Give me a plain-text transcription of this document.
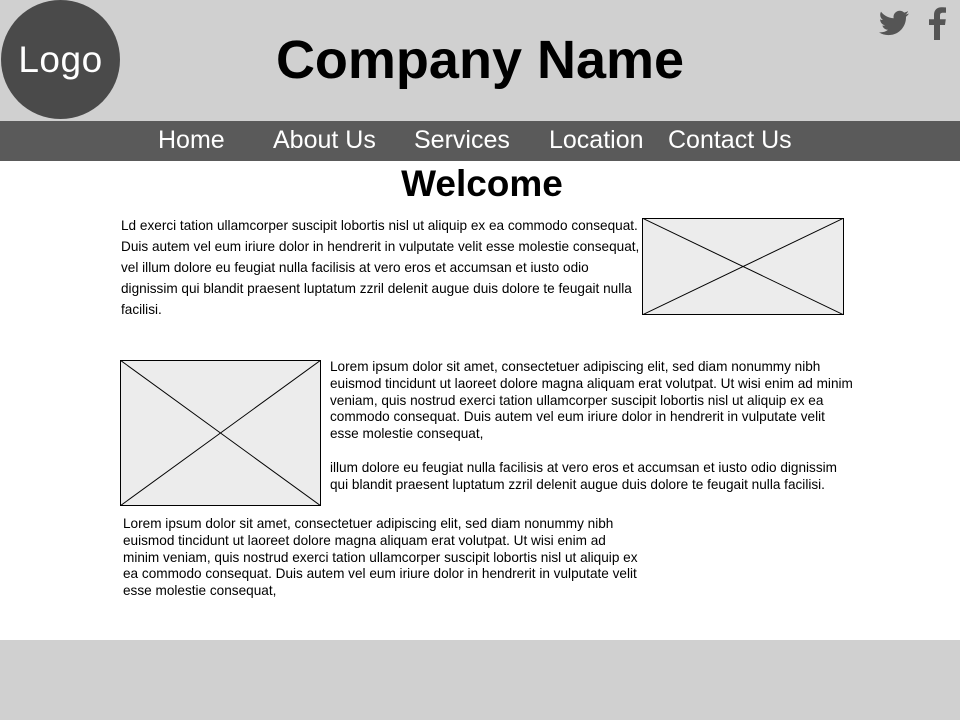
Logo	Company Name
Home About Us Services Location Contact Us
Welcome

Ld exerci tation ullamcorper suscipit lobortis nisl ut aliquip ex ea commodo consequat. Duis autem vel eum iriure dolor in hendrerit in vulputate velit esse molestie consequat, vel illum dolore eu feugiat nulla facilisis at vero eros et accumsan et iusto odio dignissim qui blandit praesent luptatum zzril delenit augue duis dolore te feugait nulla facilisi.

Lorem ipsum dolor sit amet, consectetuer adipiscing elit, sed diam nonummy nibh euismod tincidunt ut laoreet dolore magna aliquam erat volutpat. Ut wisi enim ad minim veniam, quis nostrud exerci tation ullamcorper suscipit lobortis nisl ut aliquip ex ea commodo consequat. Duis autem vel eum iriure dolor in hendrerit in vulputate velit esse molestie consequat,
illum dolore eu feugiat nulla facilisis at vero eros et accumsan et iusto odio dignissim qui blandit praesent luptatum zzril delenit augue duis dolore te feugait nulla facilisi.

Lorem ipsum dolor sit amet, consectetuer adipiscing elit, sed diam nonummy nibh euismod tincidunt ut laoreet dolore magna aliquam erat volutpat. Ut wisi enim ad minim veniam, quis nostrud exerci tation ullamcorper suscipit lobortis nisl ut aliquip ex ea commodo consequat. Duis autem vel eum iriure dolor in hendrerit in vulputate velit esse molestie consequat,
